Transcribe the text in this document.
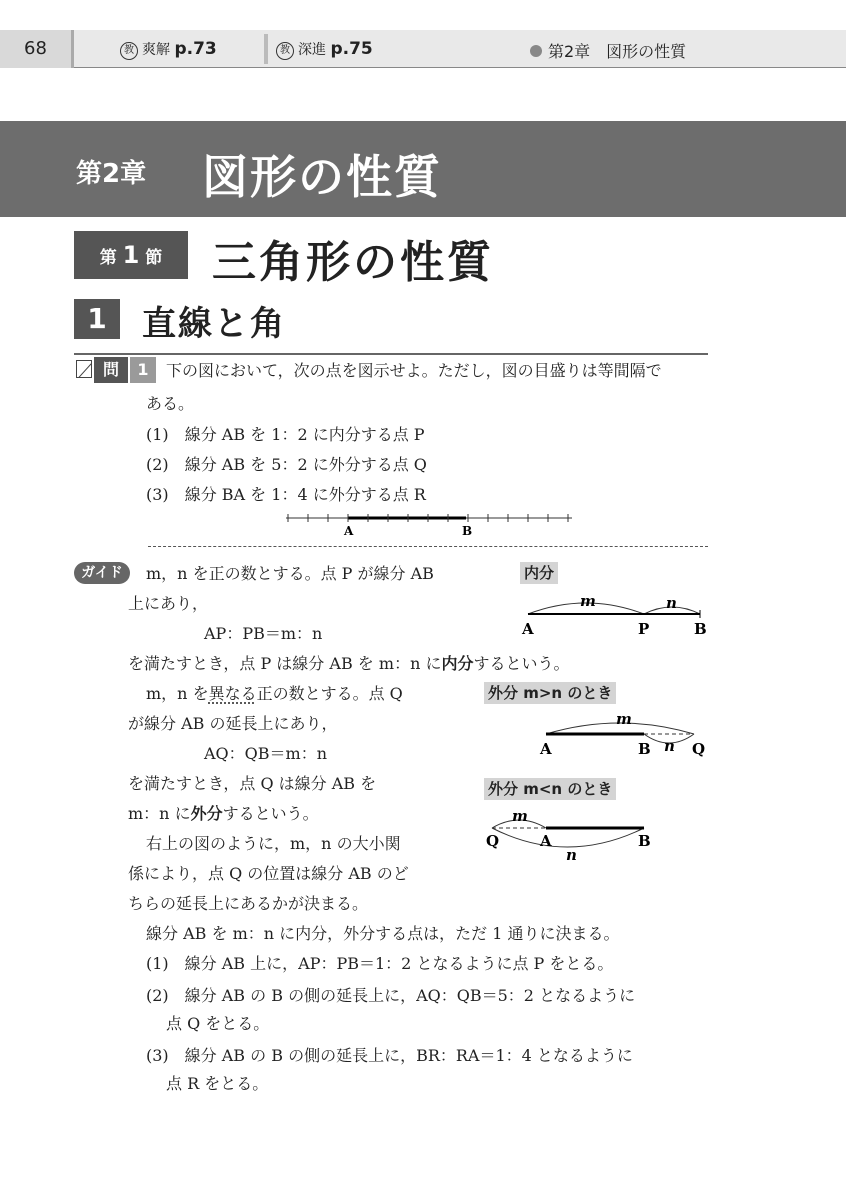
68	教 爽解 p.73	教 深進 p.75	第2章　図形の性質
第2章 図形の性質
第 1 節	三角形の性質
1	直線と角
問	1	下の図において，次の点を図示せよ。ただし，図の目盛りは等間隔で
ある。
(1)　 線分 AB を 1：2 に内分する点 P
(2)　 線分 AB を 5：2 に外分する点 Q
(3)　 線分 BA を 1：4 に外分する点 R
A	B
ガイド	m，n を正の数とする。点 P が線分 AB
上にあり，
AP：PB＝m：n
を満たすとき，点 P は線分 AB を m：n に内分するという。
m，n を異なる正の数とする。点 Q
が線分 AB の延長上にあり，
AQ：QB＝m：n
を満たすとき，点 Q は線分 AB を
m：n に外分するという。
右上の図のように，m，n の大小関
係により，点 Q の位置は線分 AB のど
ちらの延長上にあるかが決まる。
線分 AB を m：n に内分，外分する点は，ただ 1 通りに決まる。
(1)　線分 AB 上に，AP：PB＝1：2 となるように点 P をとる。
(2)　線分 AB の B の側の延長上に，AQ：QB＝5：2 となるように
点 Q をとる。
(3)　線分 AB の B の側の延長上に，BR：RA＝1：4 となるように
点 R をとる。
内分
m	n
A	P	B
外分 m>n のとき
m
n
A	B	Q
外分 m<n のとき
m
n
Q	A	B
